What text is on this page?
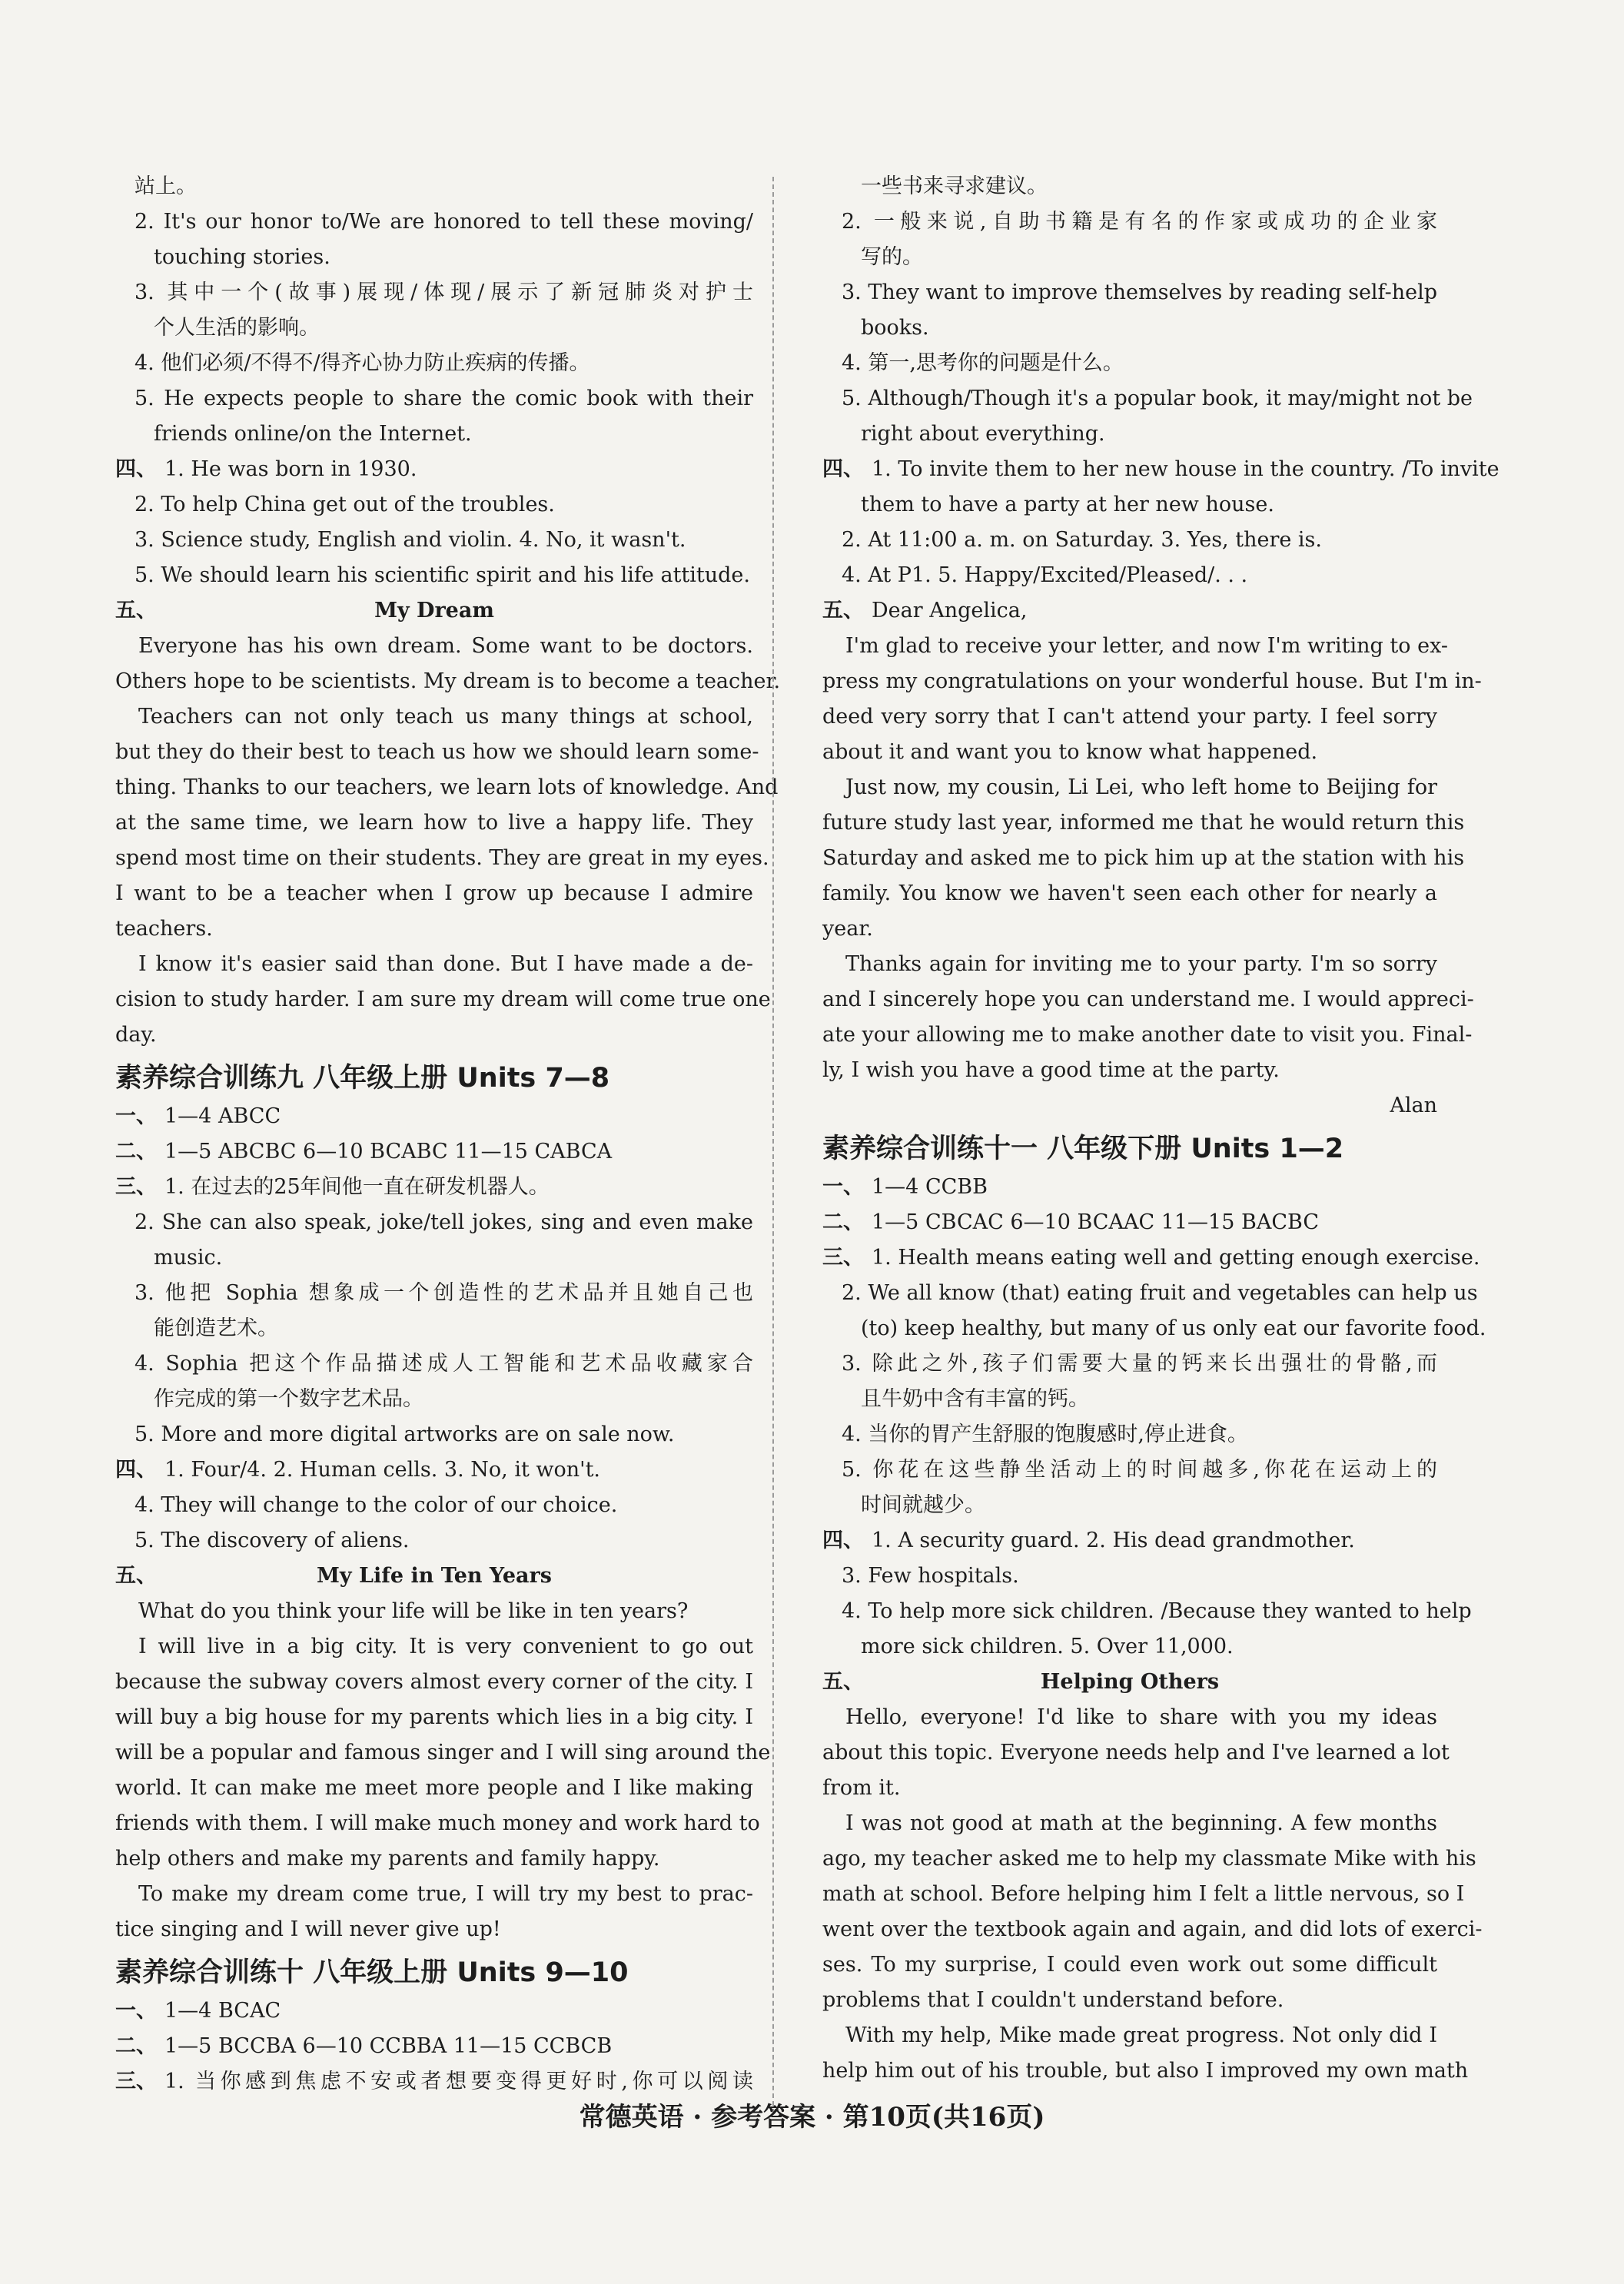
站上。
2. It's our honor to/We are honored to tell these moving/
touching stories.
3. 其中一个(故事)展现/体现/展示了新冠肺炎对护士
个人生活的影响。
4. 他们必须/不得不/得齐心协力防止疾病的传播。
5. He expects people to share the comic book with their
friends online/on the Internet.
四、 1. He was born in 1930.
2. To help China get out of the troubles.
3. Science study, English and violin. 4. No, it wasn't.
5. We should learn his scientific spirit and his life attitude.
五、	My Dream
Everyone has his own dream. Some want to be doctors.
Others hope to be scientists. My dream is to become a teacher.
Teachers can not only teach us many things at school,
but they do their best to teach us how we should learn some-
thing. Thanks to our teachers, we learn lots of knowledge. And
at the same time, we learn how to live a happy life. They
spend most time on their students. They are great in my eyes.
I want to be a teacher when I grow up because I admire
teachers.
I know it's easier said than done. But I have made a de-
cision to study harder. I am sure my dream will come true one
day.
素养综合训练九 八年级上册 Units 7—8
一、 1—4 ABCC
二、 1—5 ABCBC 6—10 BCABC 11—15 CABCA
三、 1. 在过去的25年间他一直在研发机器人。
2. She can also speak, joke/tell jokes, sing and even make
music.
3. 他把 Sophia 想象成一个创造性的艺术品并且她自己也
能创造艺术。
4. Sophia 把这个作品描述成人工智能和艺术品收藏家合
作完成的第一个数字艺术品。
5. More and more digital artworks are on sale now.
四、 1. Four/4. 2. Human cells. 3. No, it won't.
4. They will change to the color of our choice.
5. The discovery of aliens.
五、	My Life in Ten Years
What do you think your life will be like in ten years?
I will live in a big city. It is very convenient to go out
because the subway covers almost every corner of the city. I
will buy a big house for my parents which lies in a big city. I
will be a popular and famous singer and I will sing around the
world. It can make me meet more people and I like making
friends with them. I will make much money and work hard to
help others and make my parents and family happy.
To make my dream come true, I will try my best to prac-
tice singing and I will never give up!
素养综合训练十 八年级上册 Units 9—10
一、 1—4 BCAC
二、 1—5 BCCBA 6—10 CCBBA 11—15 CCBCB
三、 1. 当你感到焦虑不安或者想要变得更好时,你可以阅读
一些书来寻求建议。
2. 一般来说,自助书籍是有名的作家或成功的企业家
写的。
3. They want to improve themselves by reading self-help
books.
4. 第一,思考你的问题是什么。
5. Although/Though it's a popular book, it may/might not be
right about everything.
四、 1. To invite them to her new house in the country. /To invite
them to have a party at her new house.
2. At 11:00 a. m. on Saturday. 3. Yes, there is.
4. At P1. 5. Happy/Excited/Pleased/. . .
五、 Dear Angelica,
I'm glad to receive your letter, and now I'm writing to ex-
press my congratulations on your wonderful house. But I'm in-
deed very sorry that I can't attend your party. I feel sorry
about it and want you to know what happened.
Just now, my cousin, Li Lei, who left home to Beijing for
future study last year, informed me that he would return this
Saturday and asked me to pick him up at the station with his
family. You know we haven't seen each other for nearly a
year.
Thanks again for inviting me to your party. I'm so sorry
and I sincerely hope you can understand me. I would appreci-
ate your allowing me to make another date to visit you. Final-
ly, I wish you have a good time at the party.
Alan
素养综合训练十一 八年级下册 Units 1—2
一、 1—4 CCBB
二、 1—5 CBCAC 6—10 BCAAC 11—15 BACBC
三、 1. Health means eating well and getting enough exercise.
2. We all know (that) eating fruit and vegetables can help us
(to) keep healthy, but many of us only eat our favorite food.
3. 除此之外,孩子们需要大量的钙来长出强壮的骨骼,而
且牛奶中含有丰富的钙。
4. 当你的胃产生舒服的饱腹感时,停止进食。
5. 你花在这些静坐活动上的时间越多,你花在运动上的
时间就越少。
四、 1. A security guard. 2. His dead grandmother.
3. Few hospitals.
4. To help more sick children. /Because they wanted to help
more sick children. 5. Over 11,000.
五、	Helping Others
Hello, everyone! I'd like to share with you my ideas
about this topic. Everyone needs help and I've learned a lot
from it.
I was not good at math at the beginning. A few months
ago, my teacher asked me to help my classmate Mike with his
math at school. Before helping him I felt a little nervous, so I
went over the textbook again and again, and did lots of exerci-
ses. To my surprise, I could even work out some difficult
problems that I couldn't understand before.
With my help, Mike made great progress. Not only did I
help him out of his trouble, but also I improved my own math
常德英语 · 参考答案 · 第10页(共16页)
